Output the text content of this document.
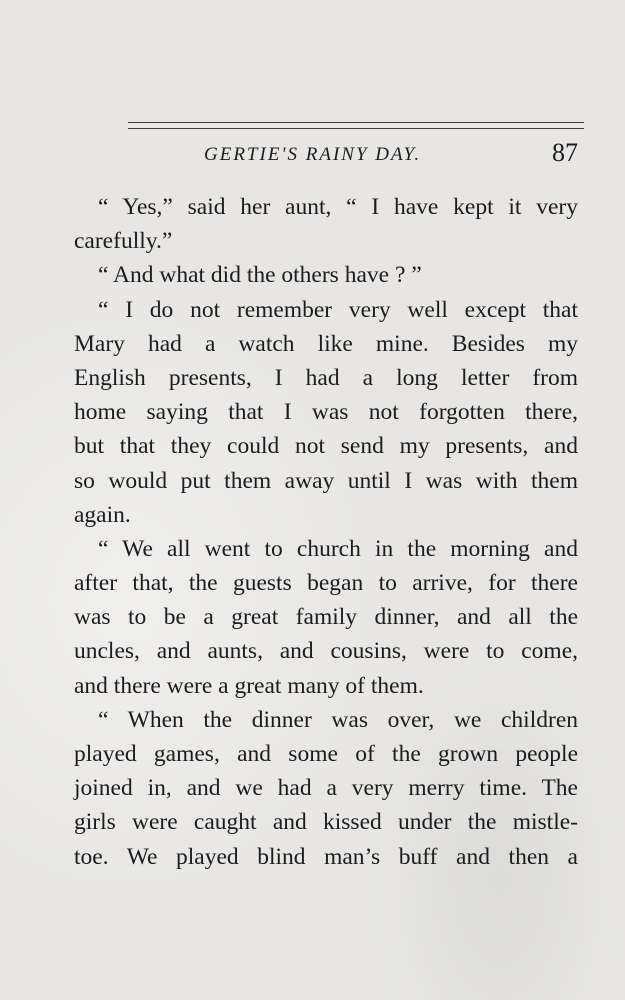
GERTIE'S RAINY DAY.	87
“ Yes,” said her aunt, “ I have kept it very
carefully.”
“ And what did the others have ? ”
“ I do not remember very well except that
Mary had a watch like mine. Besides my
English presents, I had a long letter from
home saying that I was not forgotten there,
but that they could not send my presents, and
so would put them away until I was with them
again.
“ We all went to church in the morning and
after that, the guests began to arrive, for there
was to be a great family dinner, and all the
uncles, and aunts, and cousins, were to come,
and there were a great many of them.
“ When the dinner was over, we children
played games, and some of the grown people
joined in, and we had a very merry time. The
girls were caught and kissed under the mistle-
toe. We played blind man’s buff and then a
